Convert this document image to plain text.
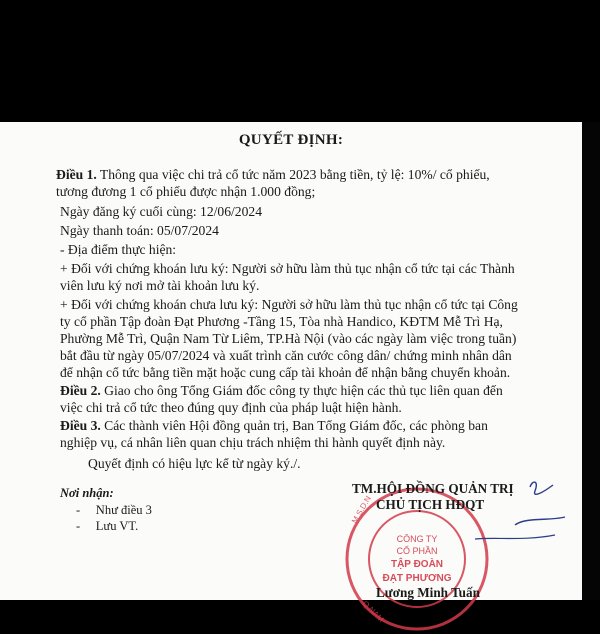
QUYẾT ĐỊNH:
Điều 1. Thông qua việc chi trả cổ tức năm 2023 bằng tiền, tỷ lệ: 10%/ cổ phiếu,
tương đương 1 cổ phiếu được nhận 1.000 đồng;
Ngày đăng ký cuối cùng: 12/06/2024
Ngày thanh toán: 05/07/2024
- Địa điểm thực hiện:
+ Đối với chứng khoán lưu ký: Người sở hữu làm thủ tục nhận cổ tức tại các Thành
viên lưu ký nơi mở tài khoản lưu ký.
+ Đối với chứng khoán chưa lưu ký: Người sở hữu làm thủ tục nhận cổ tức tại Công
ty cổ phần Tập đoàn Đạt Phương -Tầng 15, Tòa nhà Handico, KĐTM Mễ Trì Hạ,
Phường Mễ Trì, Quận Nam Từ Liêm, TP.Hà Nội (vào các ngày làm việc trong tuần)
bắt đầu từ ngày 05/07/2024 và xuất trình căn cước công dân/ chứng minh nhân dân
để nhận cổ tức bằng tiền mặt hoặc cung cấp tài khoản để nhận bằng chuyển khoản.
Điều 2. Giao cho ông Tổng Giám đốc công ty thực hiện các thủ tục liên quan đến
việc chi trả cổ tức theo đúng quy định của pháp luật hiện hành.
Điều 3. Các thành viên Hội đồng quản trị, Ban Tổng Giám đốc, các phòng ban
nghiệp vụ, cá nhân liên quan chịu trách nhiệm thi hành quyết định này.
Quyết định có hiệu lực kể từ ngày ký./.
Nơi nhận:
-     Như điều 3
-     Lưu VT.
CÔNG TY
CỔ PHẦN
TẬP ĐOÀN
ĐẠT PHƯƠNG
M.S.D.N
Q.NAM
TM.HỘI ĐỒNG QUẢN TRỊ
CHỦ TỊCH HĐQT
Lương Minh Tuấn
